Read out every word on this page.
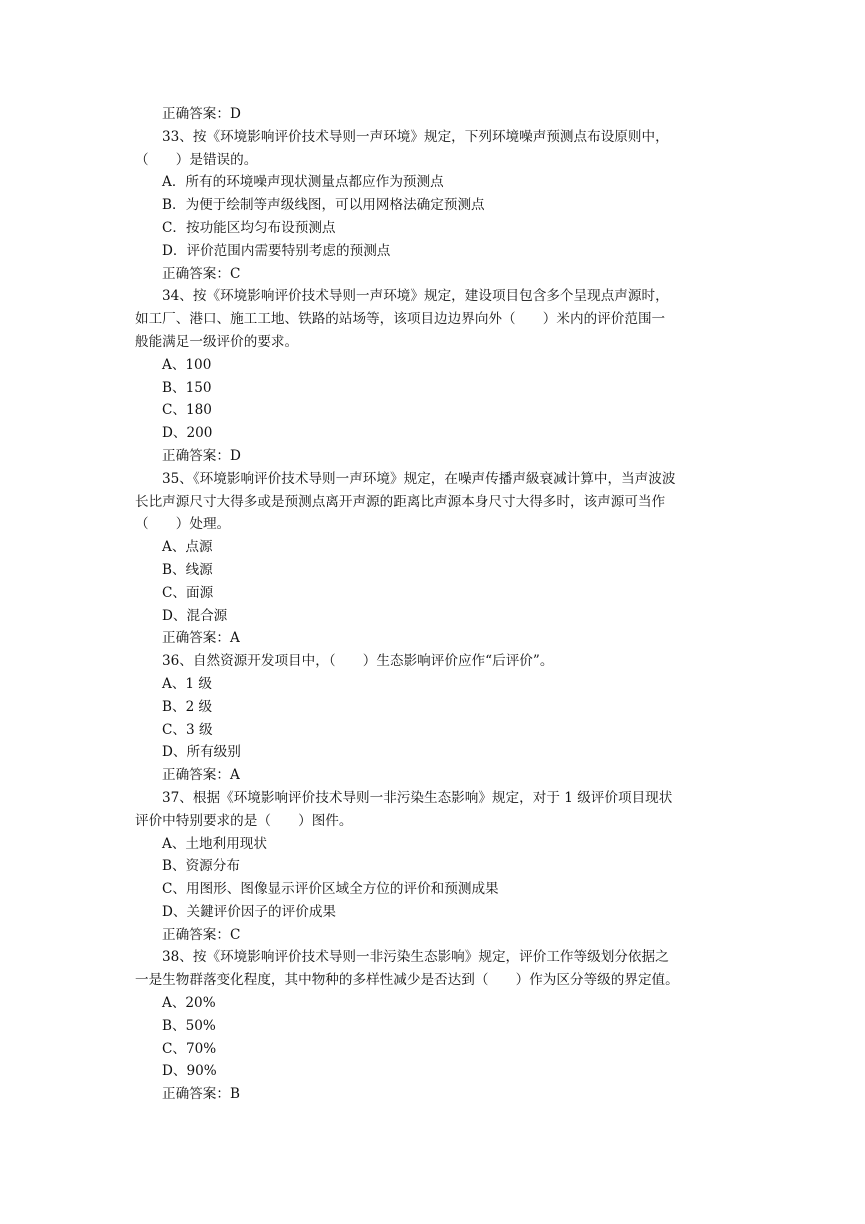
正确答案：D
33、按《环境影响评价技术导则一声环境》规定，下列环境噪声预测点布设原则中，
（　　）是错误的。
A．所有的环境噪声现状测量点都应作为预测点
B．为便于绘制等声级线图，可以用网格法确定预测点
C．按功能区均匀布设预测点
D．评价范围内需要特别考虑的预测点
正确答案：C
34、按《环境影响评价技术导则一声环境》规定，建设项目包含多个呈现点声源时，
如工厂、港口、施工工地、铁路的站场等，该项目边边界向外（　　）米内的评价范围一
般能满足一级评价的要求。
A、100
B、150
C、180
D、200
正确答案：D
35、《环境影响评价技术导则一声环境》规定，在噪声传播声級衰减计算中，当声波波
长比声源尺寸大得多或是预测点离开声源的距离比声源本身尺寸大得多时，该声源可当作
（　　）处理。
A、点源
B、线源
C、面源
D、混合源
正确答案：A
36、自然资源开发项目中，（　　）生态影响评价应作“后评价”。
A、1 级
B、2 级
C、3 级
D、所有级别
正确答案：A
37、根据《环境影响评价技术导则一非污染生态影响》规定，对于 1 级评价项目现状
评价中特别要求的是（　　）图件。
A、土地利用现状
B、资源分布
C、用图形、图像显示评价区域全方位的评价和预测成果
D、关鍵评价因子的评价成果
正确答案：C
38、按《环境影响评价技术导则一非污染生态影响》规定，评价工作等级划分依据之
一是生物群落变化程度，其中物种的多样性减少是否达到（　　）作为区分等级的界定值。
A、20%
B、50%
C、70%
D、90%
正确答案：B
